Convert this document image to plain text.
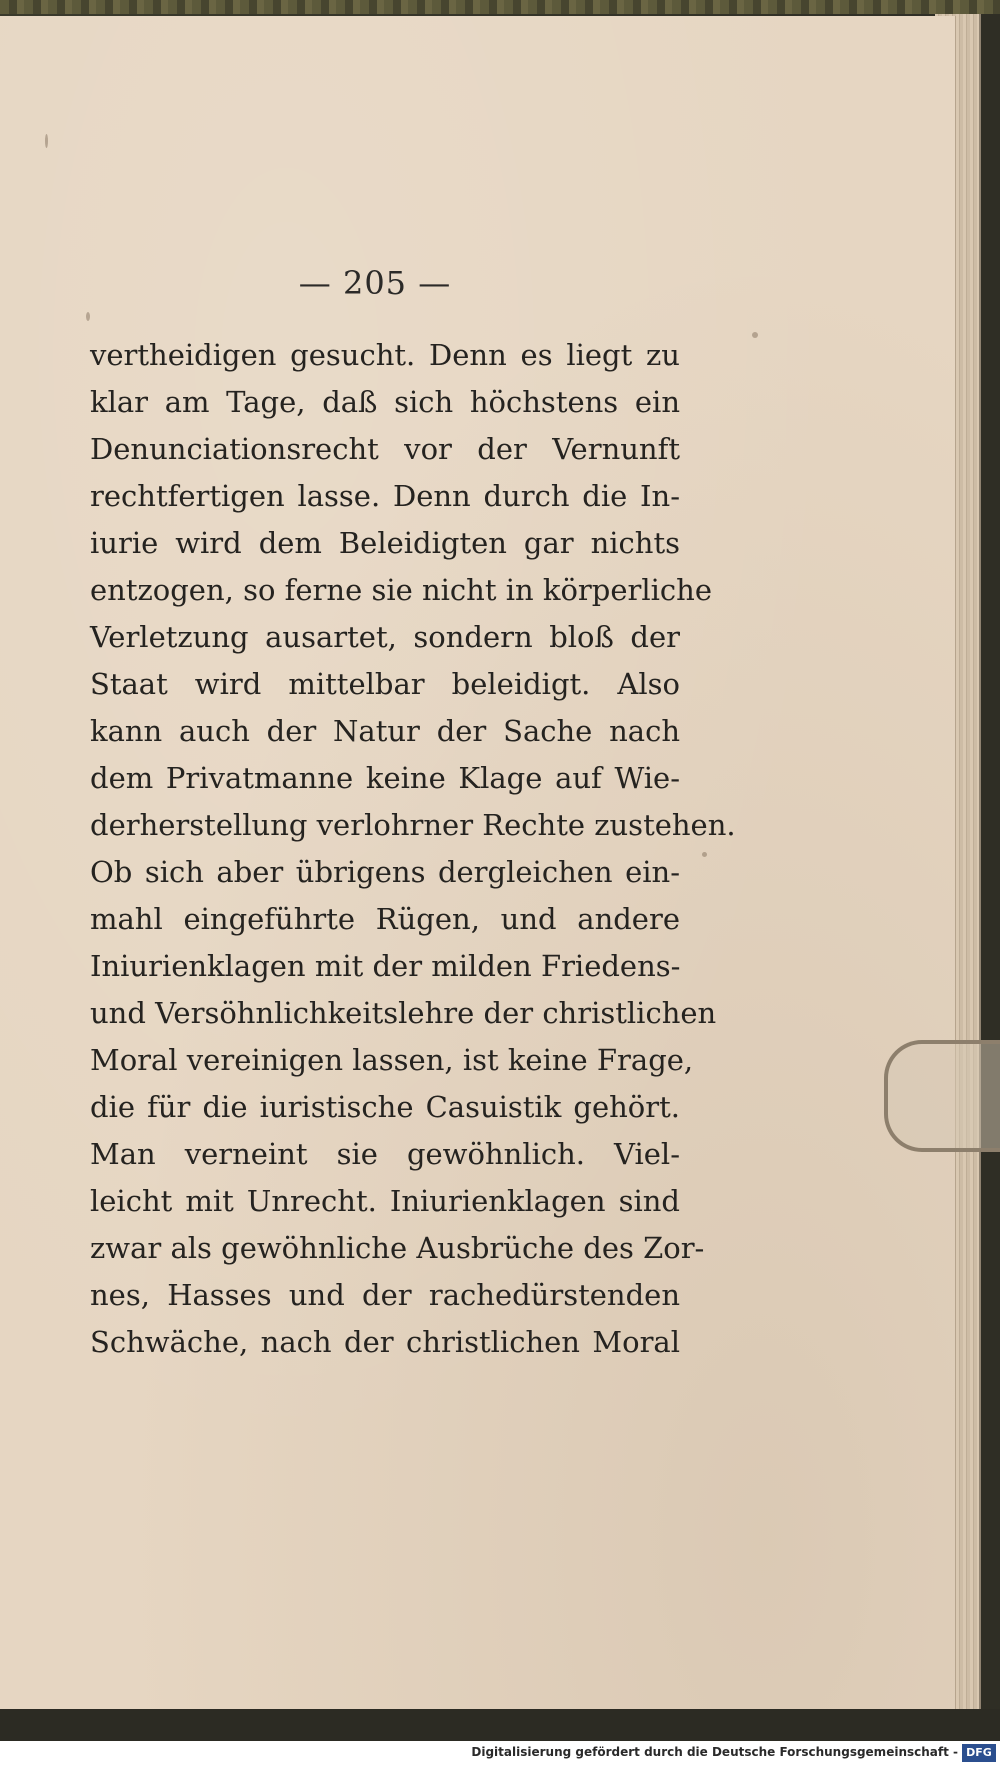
— 205 —
vertheidigen gesucht. Denn es liegt zu
klar am Tage, daß sich höchstens ein
Denunciationsrecht vor der Vernunft
rechtfertigen lasse. Denn durch die In-
iurie wird dem Beleidigten gar nichts
entzogen, so ferne sie nicht in körperliche
Verletzung ausartet, sondern bloß der
Staat wird mittelbar beleidigt. Also
kann auch der Natur der Sache nach
dem Privatmanne keine Klage auf Wie-
derherstellung verlohrner Rechte zustehen.
Ob sich aber übrigens dergleichen ein-
mahl eingeführte Rügen, und andere
Iniurienklagen mit der milden Friedens-
und Versöhnlichkeitslehre der christlichen
Moral vereinigen lassen, ist keine Frage,
die für die iuristische Casuistik gehört.
Man verneint sie gewöhnlich. Viel-
leicht mit Unrecht. Iniurienklagen sind
zwar als gewöhnliche Ausbrüche des Zor-
nes, Hasses und der rachedürstenden
Schwäche, nach der christlichen Moral
Digitalisierung gefördert durch die Deutsche Forschungsgemeinschaft - DFG
